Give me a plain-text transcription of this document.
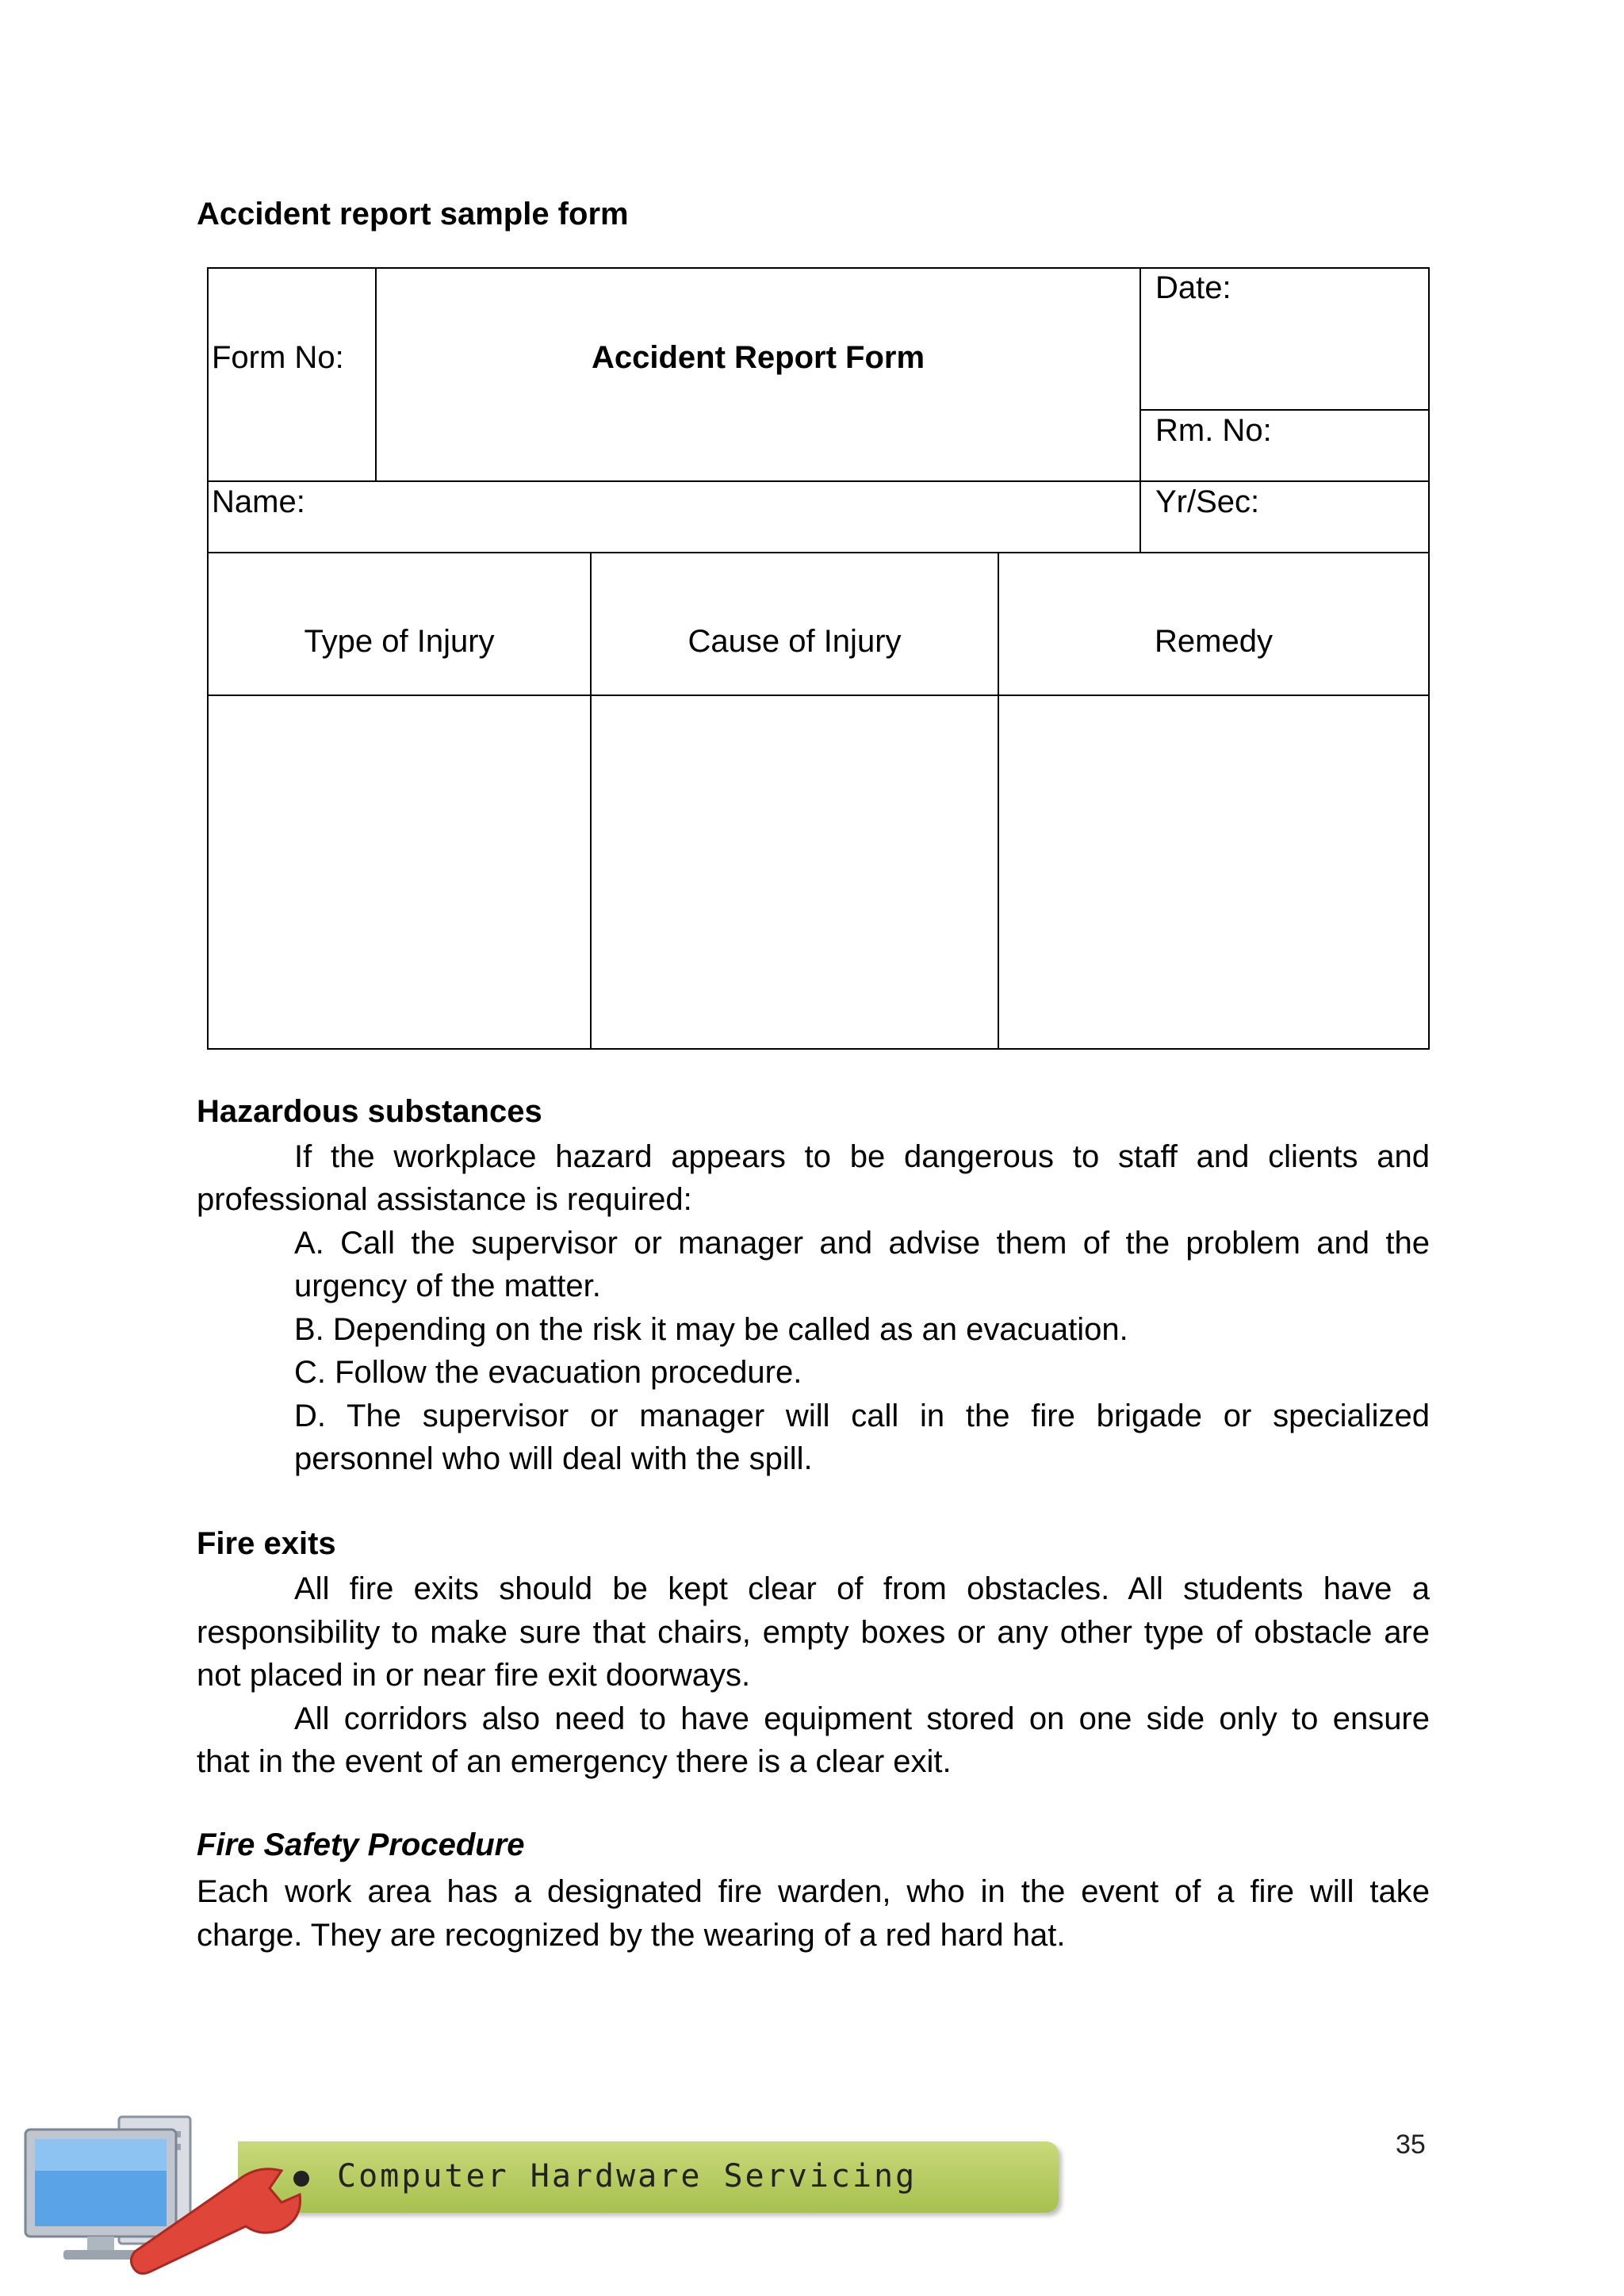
Accident report sample form
Form No:	Accident Report Form
Date:
Rm. No:
Name:	Yr/Sec:
Type of Injury	Cause of Injury	Remedy
Hazardous substances
If the workplace hazard appears to be dangerous to staff and clients and
professional assistance is required:
A. Call the supervisor or manager and advise them of the problem and the
urgency of the matter.
B. Depending on the risk it may be called as an evacuation.
C. Follow the evacuation procedure.
D. The supervisor or manager will call in the fire brigade or specialized
personnel who will deal with the spill.
Fire exits
All fire exits should be kept clear of from obstacles. All students have a
responsibility to make sure that chairs, empty boxes or any other type of obstacle are
not placed in or near fire exit doorways.
All corridors also need to have equipment stored on one side only to ensure
that in the event of an emergency there is a clear exit.
Fire Safety Procedure
Each work area has a designated fire warden, who in the event of a fire will take
charge. They are recognized by the wearing of a red hard hat.
Computer Hardware Servicing
35
